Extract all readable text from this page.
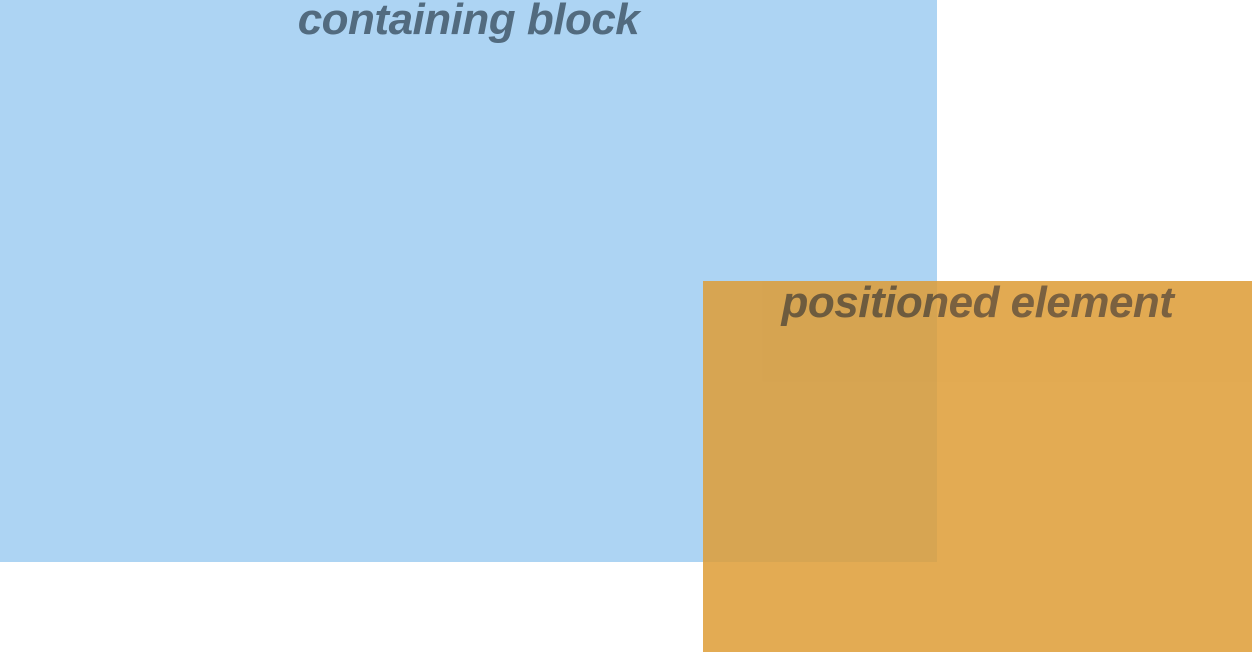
containing block
positioned element
